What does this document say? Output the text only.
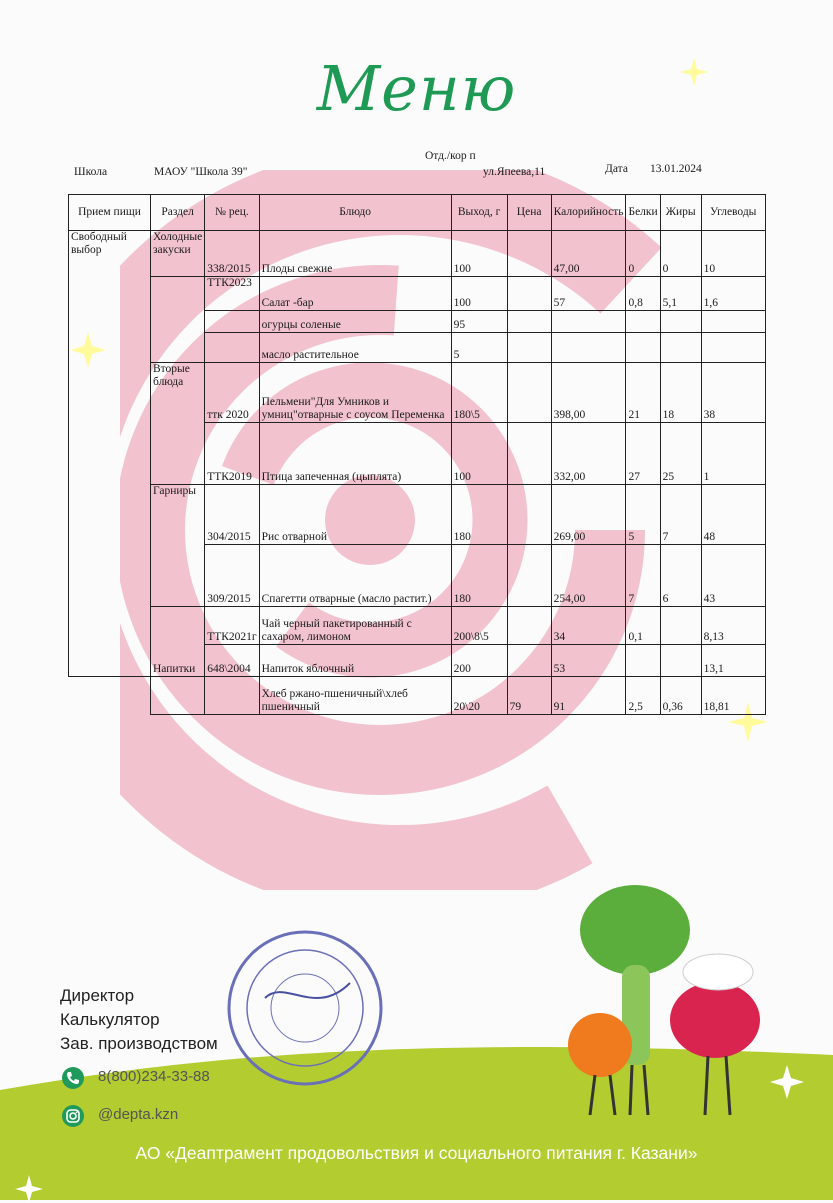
Меню
Школа	МАОУ "Школа 39"
Отд./кор п
ул.Япеева,11	Дата 13.01.2024
Прием пищи	Раздел	№ рец.	Блюдо	Выход, г	Цена	Калорийность	Белки	Жиры	Углеводы
Свободный выбор	Холодные закуски	338/2015	Плоды свежие	100		47,00	0	0	10
		ТТК2023	Салат -бар	100		57	0,8	5,1	1,6
			огурцы соленые	95					
			масло растительное	5					
	Вторые блюда	ттк 2020	Пельмени"Для Умников и умниц"отварные с соусом Переменка	180\5		398,00	21	18	38
		ТТК2019	Птица запеченная (цыплята)	100		332,00	27	25	1
	Гарниры	304/2015	Рис отварной	180		269,00	5	7	48
		309/2015	Спагетти отварные (масло растит.)	180		254,00	7	6	43
	Напитки	ТТК2021г	Чай черный пакетированный с сахаром, лимоном	200\8\5		34	0,1		8,13
		648\2004	Напиток яблочный	200		53			13,1
			Хлеб ржано-пшеничный\хлеб пшеничный	20\20	79	91	2,5	0,36	18,81
Директор
Калькулятор
Зав. производством
8(800)234-33-88
@depta.kzn
АО «Деаптрамент продовольствия и социального питания г. Казани»
